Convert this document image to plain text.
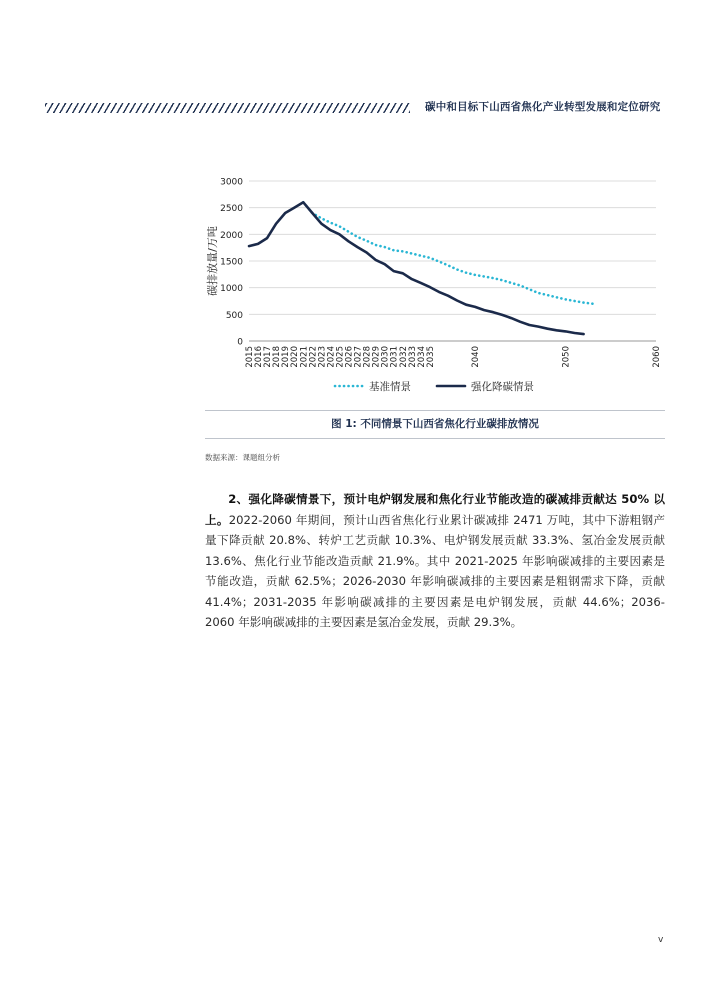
碳中和目标下山西省焦化产业转型发展和定位研究
0
500
1000
1500
2000
2500
3000
2015 2016 2017 2018 2019 2020 2021 2022 2023 2024 2025 2026 2027 2028 2029 2030 2031 2032 2033 2034 2035	2040	2050	2060
碳排放量/万吨
基准情景	强化降碳情景
图 1: 不同情景下山西省焦化行业碳排放情况
数据来源：课题组分析

2、强化降碳情景下，预计电炉钢发展和焦化行业节能改造的碳减排贡献达 50% 以上。2022-2060 年期间，预计山西省焦化行业累计碳减排 2471 万吨，其中下游粗钢产量下降贡献 20.8%、转炉工艺贡献 10.3%、电炉钢发展贡献 33.3%、氢冶金发展贡献 13.6%、焦化行业节能改造贡献 21.9%。其中 2021-2025 年影响碳减排的主要因素是节能改造，贡献 62.5%；2026-2030 年影响碳减排的主要因素是粗钢需求下降，贡献 41.4%；2031-2035 年影响碳减排的主要因素是电炉钢发展，贡献 44.6%；2036-2060 年影响碳减排的主要因素是氢冶金发展，贡献 29.3%。

v
